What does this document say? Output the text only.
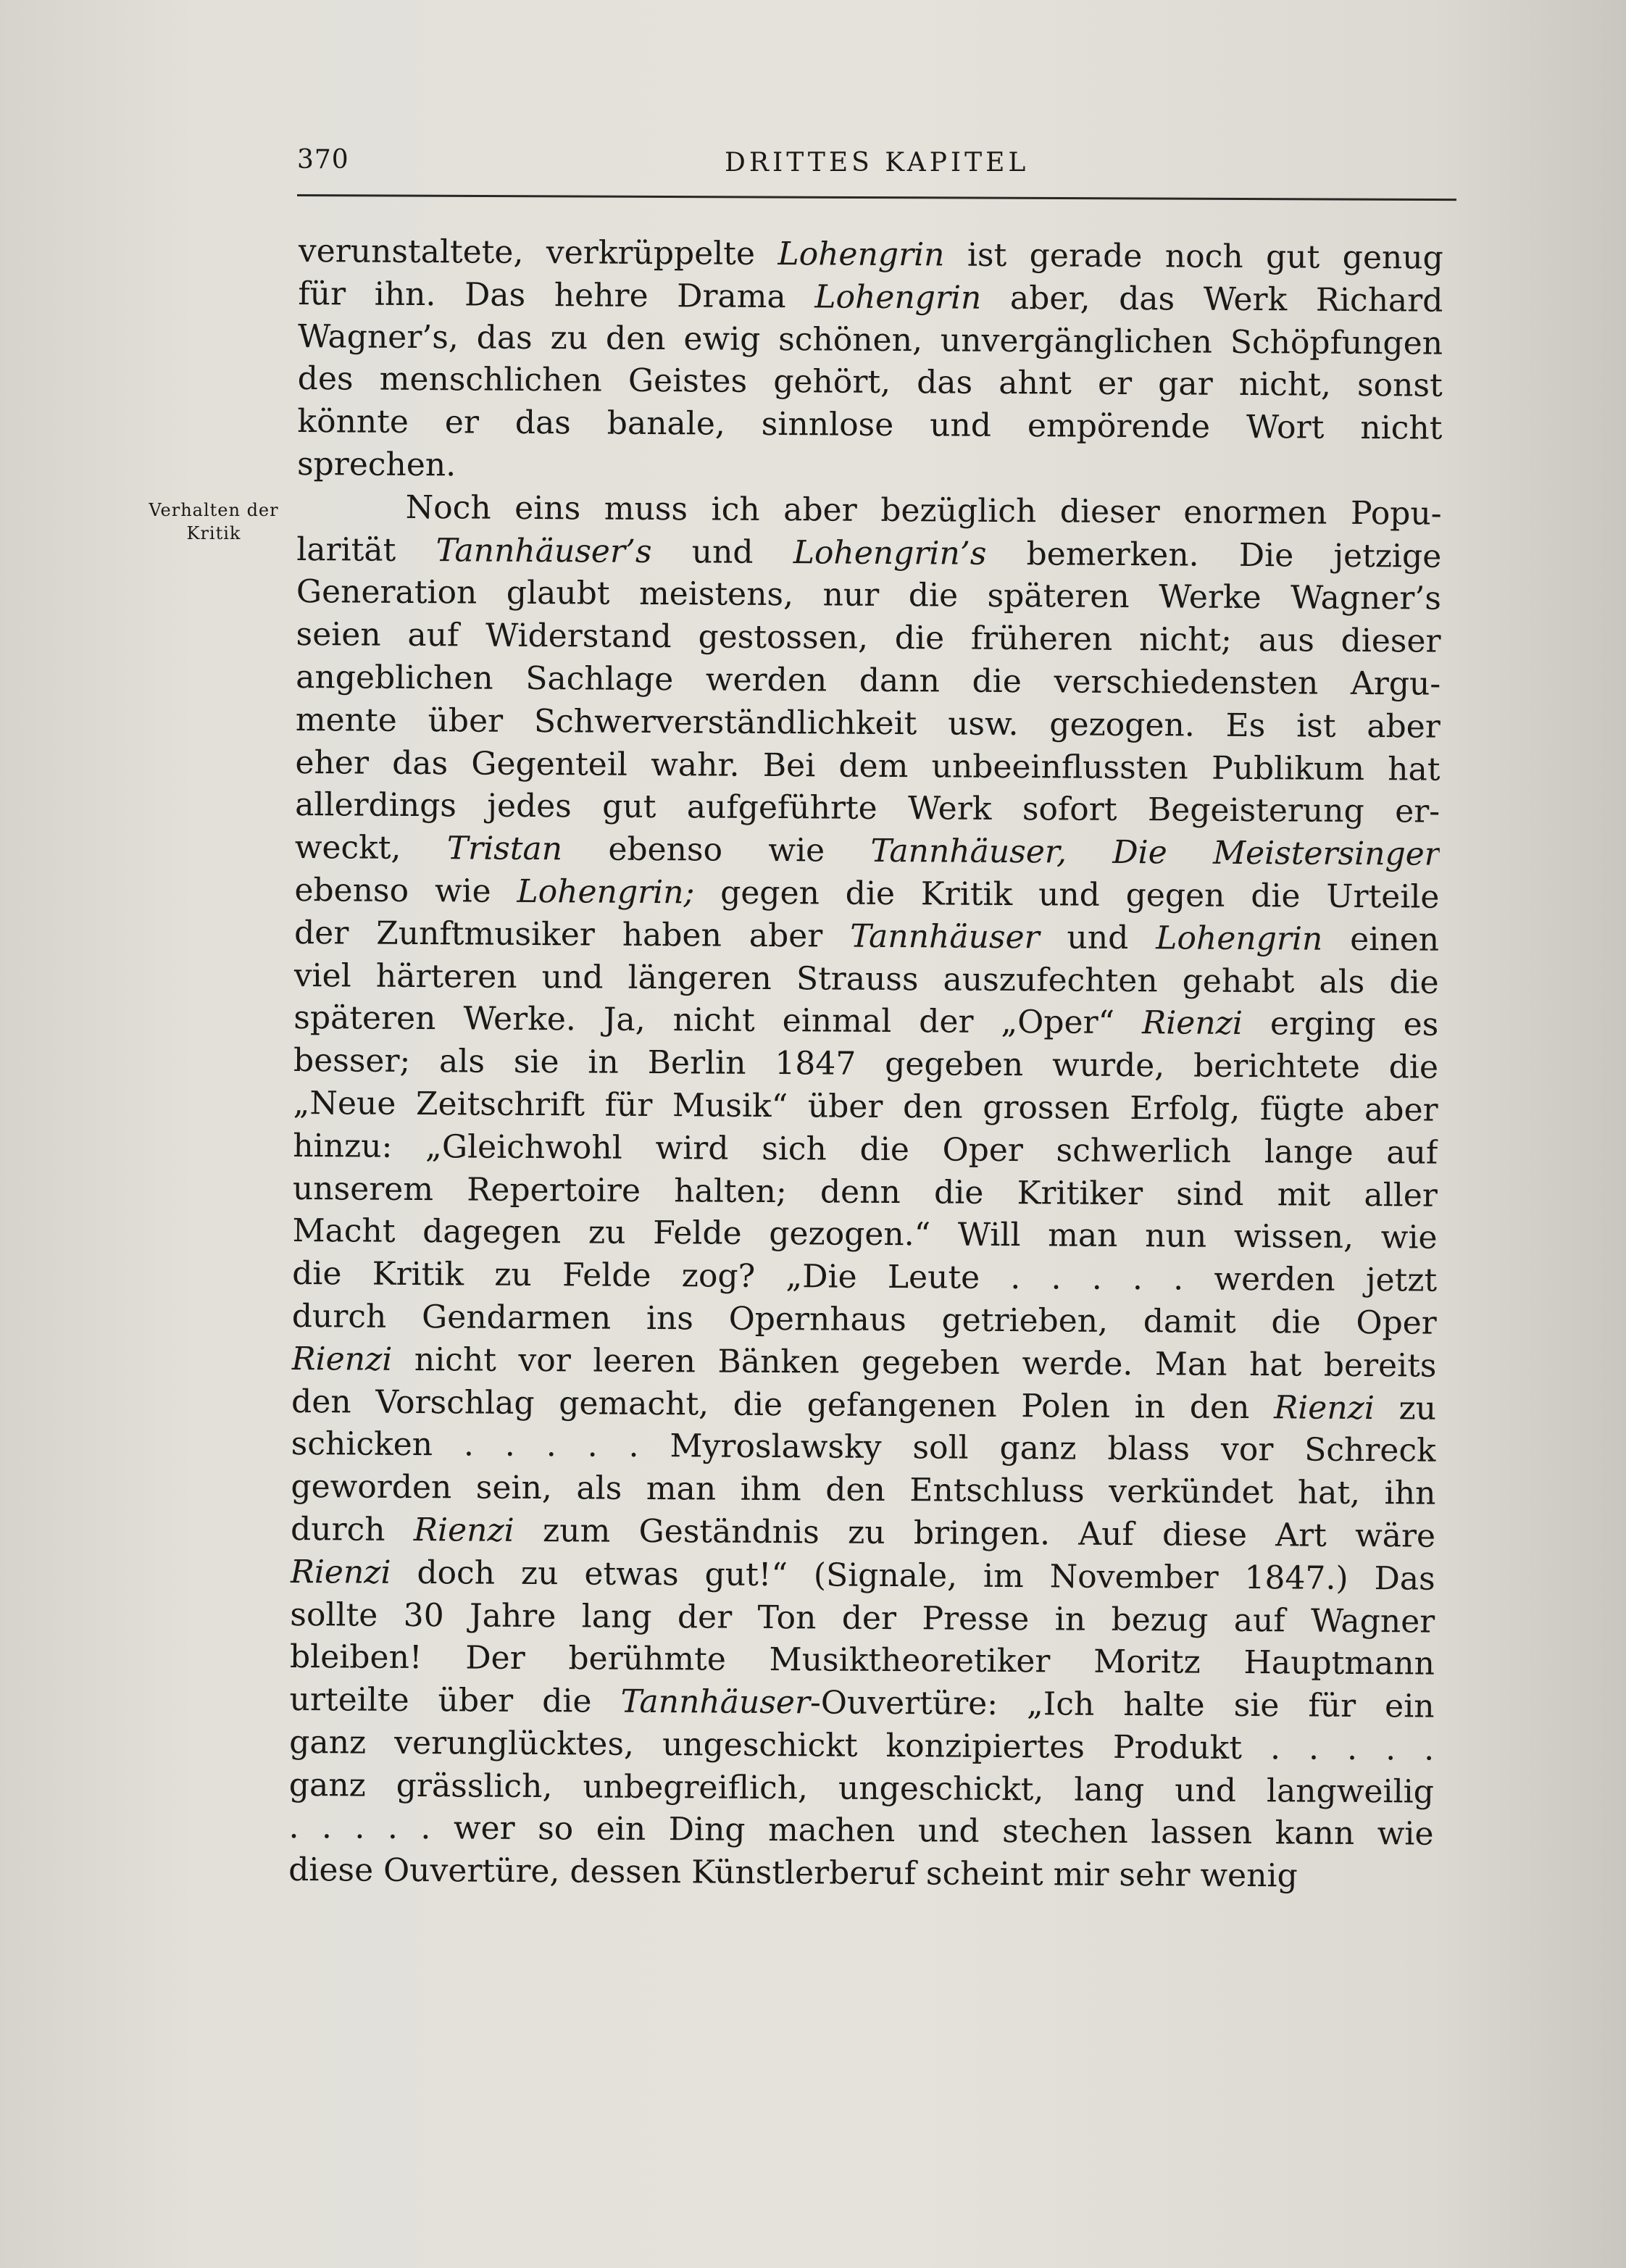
370	DRITTES KAPITEL
Verhalten der
Kritik
verunstaltete, verkrüppelte Lohengrin ist gerade noch gut genug
für ihn. Das hehre Drama Lohengrin aber, das Werk Richard
Wagner’s, das zu den ewig schönen, unvergänglichen Schöpfungen
des menschlichen Geistes gehört, das ahnt er gar nicht, sonst
könnte er das banale, sinnlose und empörende Wort nicht
sprechen.
Noch eins muss ich aber bezüglich dieser enormen Popu-
larität Tannhäuser’s und Lohengrin’s bemerken. Die jetzige
Generation glaubt meistens, nur die späteren Werke Wagner’s
seien auf Widerstand gestossen, die früheren nicht; aus dieser
angeblichen Sachlage werden dann die verschiedensten Argu-
mente über Schwerverständlichkeit usw. gezogen. Es ist aber
eher das Gegenteil wahr. Bei dem unbeeinflussten Publikum hat
allerdings jedes gut aufgeführte Werk sofort Begeisterung er-
weckt, Tristan ebenso wie Tannhäuser, Die Meistersinger
ebenso wie Lohengrin; gegen die Kritik und gegen die Urteile
der Zunftmusiker haben aber Tannhäuser und Lohengrin einen
viel härteren und längeren Strauss auszufechten gehabt als die
späteren Werke. Ja, nicht einmal der „Oper“ Rienzi erging es
besser; als sie in Berlin 1847 gegeben wurde, berichtete die
„Neue Zeitschrift für Musik“ über den grossen Erfolg, fügte aber
hinzu: „Gleichwohl wird sich die Oper schwerlich lange auf
unserem Repertoire halten; denn die Kritiker sind mit aller
Macht dagegen zu Felde gezogen.“ Will man nun wissen, wie
die Kritik zu Felde zog? „Die Leute . . . . . werden jetzt
durch Gendarmen ins Opernhaus getrieben, damit die Oper
Rienzi nicht vor leeren Bänken gegeben werde. Man hat bereits
den Vorschlag gemacht, die gefangenen Polen in den Rienzi zu
schicken . . . . . Myroslawsky soll ganz blass vor Schreck
geworden sein, als man ihm den Entschluss verkündet hat, ihn
durch Rienzi zum Geständnis zu bringen. Auf diese Art wäre
Rienzi doch zu etwas gut!“ (Signale, im November 1847.) Das
sollte 30 Jahre lang der Ton der Presse in bezug auf Wagner
bleiben! Der berühmte Musiktheoretiker Moritz Hauptmann
urteilte über die Tannhäuser-Ouvertüre: „Ich halte sie für ein
ganz verunglücktes, ungeschickt konzipiertes Produkt . . . . .
ganz grässlich, unbegreiflich, ungeschickt, lang und langweilig
. . . . . wer so ein Ding machen und stechen lassen kann wie
diese Ouvertüre, dessen Künstlerberuf scheint mir sehr wenig
